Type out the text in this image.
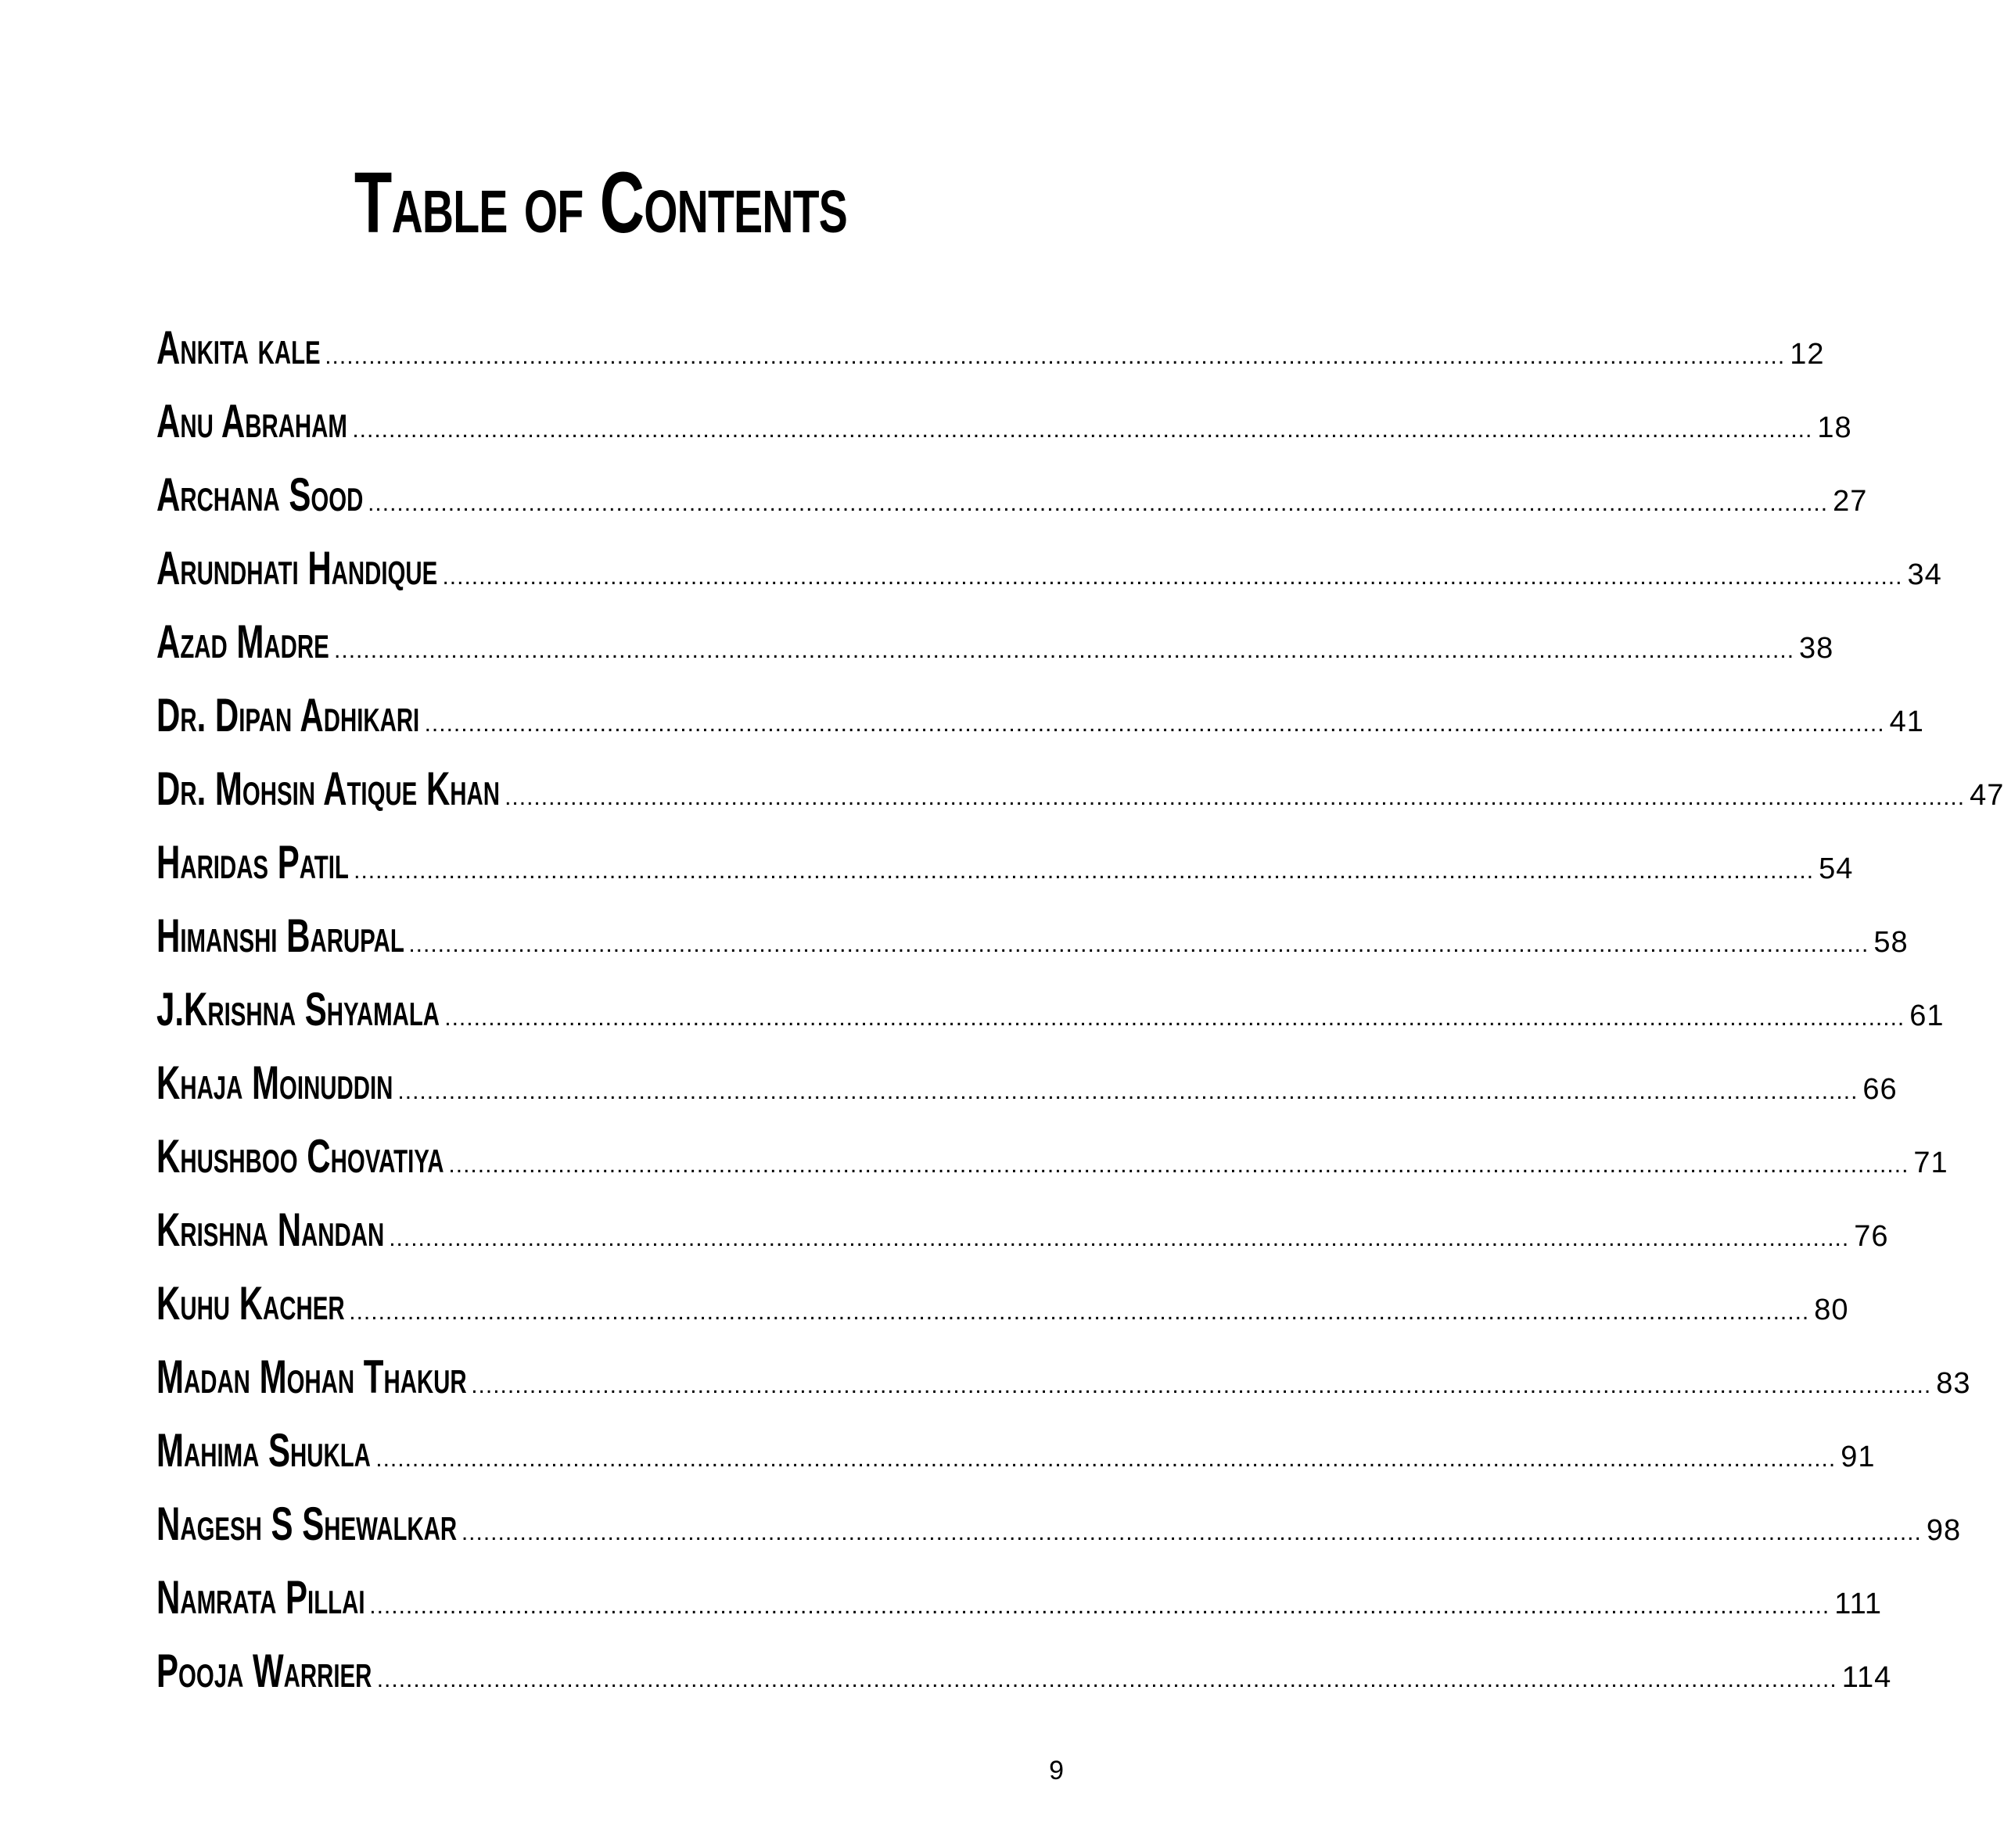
Table of Contents
Ankita kale ........................................................................................................................................................................................................ 12
Anu Abraham ........................................................................................................................................................................................................ 18
Archana Sood ........................................................................................................................................................................................................ 27
Arundhati Handique ........................................................................................................................................................................................................ 34
Azad Madre ........................................................................................................................................................................................................ 38
Dr. Dipan Adhikari ........................................................................................................................................................................................................ 41
Dr. Mohsin Atique Khan ........................................................................................................................................................................................................ 47
Haridas Patil ........................................................................................................................................................................................................ 54
Himanshi Barupal ........................................................................................................................................................................................................ 58
J.Krishna Shyamala ........................................................................................................................................................................................................ 61
Khaja Moinuddin ........................................................................................................................................................................................................ 66
Khushboo Chovatiya ........................................................................................................................................................................................................ 71
Krishna Nandan ........................................................................................................................................................................................................ 76
Kuhu Kacher ........................................................................................................................................................................................................ 80
Madan Mohan Thakur ........................................................................................................................................................................................................ 83
Mahima Shukla ........................................................................................................................................................................................................ 91
Nagesh S Shewalkar ........................................................................................................................................................................................................ 98
Namrata Pillai ........................................................................................................................................................................................................ 111
Pooja Warrier ........................................................................................................................................................................................................ 114
9
